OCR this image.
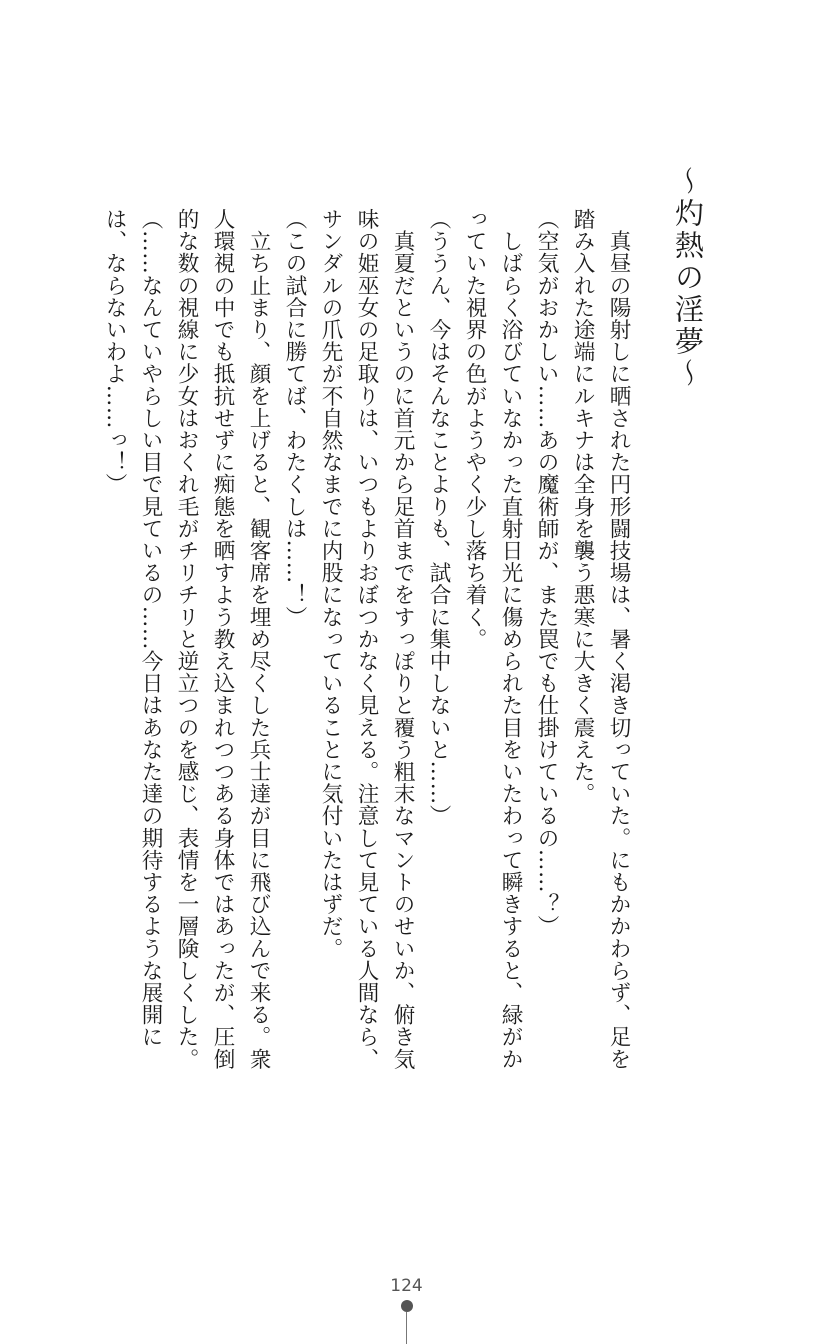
〜灼熱の淫夢〜

　真昼の陽射しに晒された円形闘技場は、暑く渇き切っていた。にもかかわらず、足を踏み入れた途端にルキナは全身を襲う悪寒に大きく震えた。

（空気がおかしい……あの魔術師が、また罠でも仕掛けているの……？）

　しばらく浴びていなかった直射日光に傷められた目をいたわって瞬きすると、緑がかっていた視界の色がようやく少し落ち着く。

（ううん、今はそんなことよりも、試合に集中しないと……）

　真夏だというのに首元から足首までをすっぽりと覆う粗末なマントのせいか、俯き気味の姫巫女の足取りは、いつもよりおぼつかなく見える。注意して見ている人間なら、サンダルの爪先が不自然なまでに内股になっていることに気付いたはずだ。

（この試合に勝てば、わたくしは……！）

　立ち止まり、顔を上げると、観客席を埋め尽くした兵士達が目に飛び込んで来る。衆人環視の中でも抵抗せずに痴態を晒すよう教え込まれつつある身体ではあったが、圧倒的な数の視線に少女はおくれ毛がチリチリと逆立つのを感じ、表情を一層険しくした。

（……なんていやらしい目で見ているの……今日はあなた達の期待するような展開には、ならないわよ……っ！）

124
